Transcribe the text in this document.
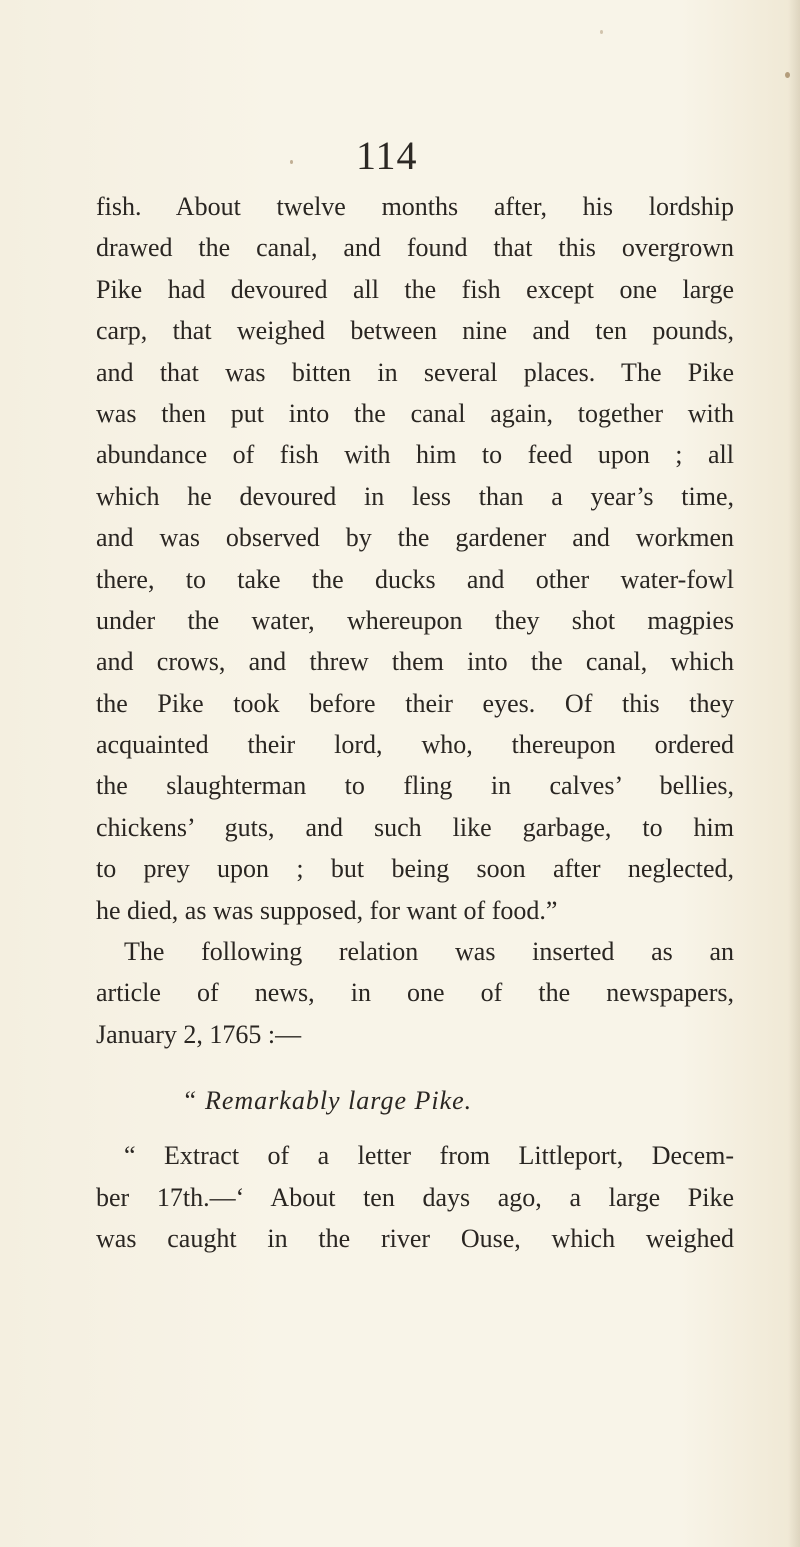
114
fish. About twelve months after, his lordship
drawed the canal, and found that this overgrown
Pike had devoured all the fish except one large
carp, that weighed between nine and ten pounds,
and that was bitten in several places. The Pike
was then put into the canal again, together with
abundance of fish with him to feed upon ; all
which he devoured in less than a year’s time,
and was observed by the gardener and workmen
there, to take the ducks and other water-fowl
under the water, whereupon they shot magpies
and crows, and threw them into the canal, which
the Pike took before their eyes. Of this they
acquainted their lord, who, thereupon ordered
the slaughterman to fling in calves’ bellies,
chickens’ guts, and such like garbage, to him
to prey upon ; but being soon after neglected,
he died, as was supposed, for want of food.”
The following relation was inserted as an
article of news, in one of the newspapers,
January 2, 1765 :—
“ Remarkably large Pike.
“ Extract of a letter from Littleport, Decem-
ber 17th.—‘ About ten days ago, a large Pike
was caught in the river Ouse, which weighed
